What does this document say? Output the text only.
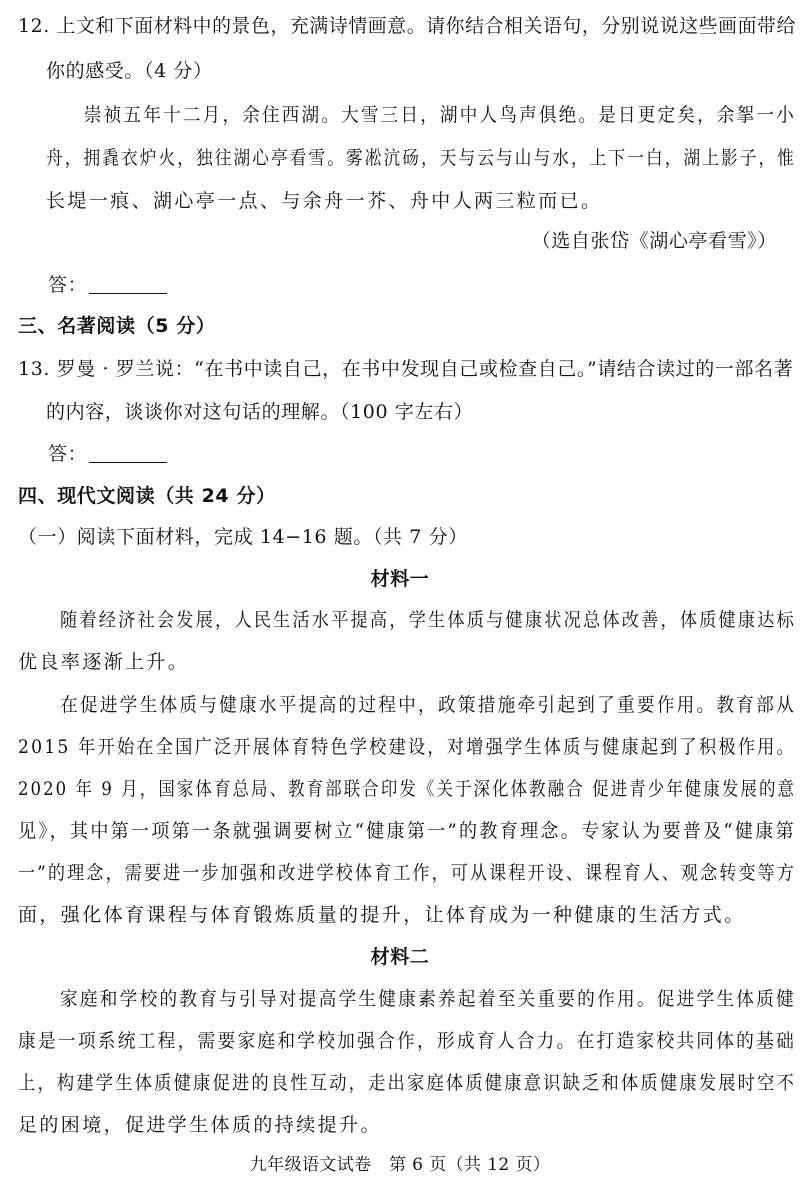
12. 上文和下面材料中的景色，充满诗情画意。请你结合相关语句，分别说说这些画面带给
你的感受。（4 分）
崇祯五年十二月，余住西湖。大雪三日，湖中人鸟声俱绝。是日更定矣，余挐一小
舟，拥毳衣炉火，独往湖心亭看雪。雾凇沆砀，天与云与山与水，上下一白，湖上影子，惟
长堤一痕、湖心亭一点、与余舟一芥、舟中人两三粒而已。
（选自张岱《湖心亭看雪》）
答：
三、名著阅读（5 分）
13. 罗曼 · 罗兰说：“在书中读自己，在书中发现自己或检查自己。”请结合读过的一部名著
的内容，谈谈你对这句话的理解。（100 字左右）
答：
四、现代文阅读（共 24 分）
（一）阅读下面材料，完成 14−16 题。（共 7 分）
材料一
随着经济社会发展，人民生活水平提高，学生体质与健康状况总体改善，体质健康达标
优良率逐渐上升。
在促进学生体质与健康水平提高的过程中，政策措施牵引起到了重要作用。教育部从
2015 年开始在全国广泛开展体育特色学校建设，对增强学生体质与健康起到了积极作用。
2020 年 9 月，国家体育总局、教育部联合印发《关于深化体教融合 促进青少年健康发展的意
见》，其中第一项第一条就强调要树立“健康第一”的教育理念。专家认为要普及“健康第
一”的理念，需要进一步加强和改进学校体育工作，可从课程开设、课程育人、观念转变等方
面，强化体育课程与体育锻炼质量的提升，让体育成为一种健康的生活方式。
材料二
家庭和学校的教育与引导对提高学生健康素养起着至关重要的作用。促进学生体质健
康是一项系统工程，需要家庭和学校加强合作，形成育人合力。在打造家校共同体的基础
上，构建学生体质健康促进的良性互动，走出家庭体质健康意识缺乏和体质健康发展时空不
足的困境，促进学生体质的持续提升。
九年级语文试卷　第 6 页（共 12 页）
